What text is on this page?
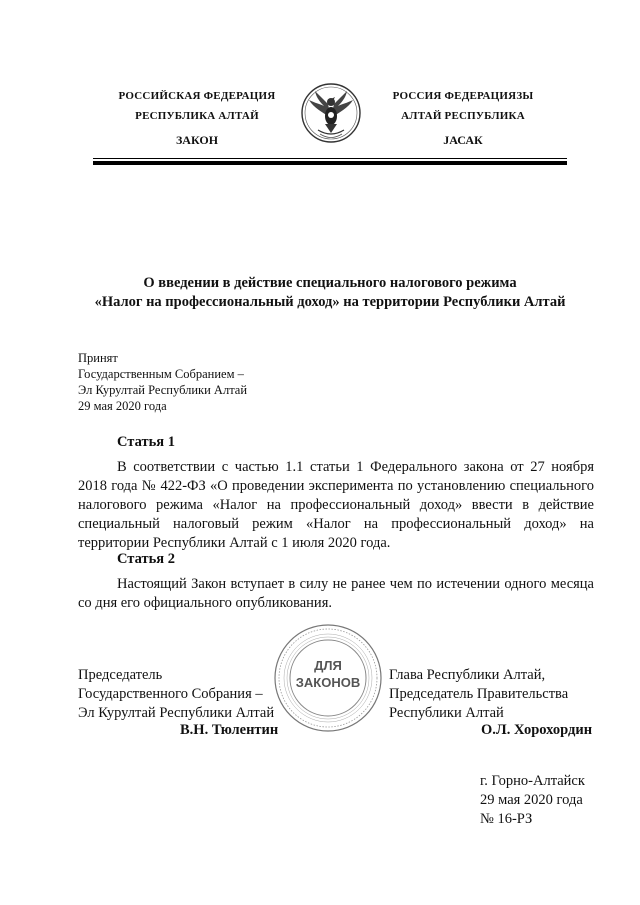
РОССИЙСКАЯ ФЕДЕРАЦИЯ
РЕСПУБЛИКА АЛТАЙ
ЗАКОН
РОССИЯ ФЕДЕРАЦИЯЗЫ
АЛТАЙ РЕСПУБЛИКА
JАСАК
О введении в действие специального налогового режима
«Налог на профессиональный доход» на территории Республики Алтай
Принят
Государственным Собранием –
Эл Курултай Республики Алтай
29 мая 2020 года
Статья 1
В соответствии с частью 1.1 статьи 1 Федерального закона от 27 ноября 2018 года № 422-ФЗ «О проведении эксперимента по установлению специального налогового режима «Налог на профессиональный доход» ввести в действие специальный налоговый режим «Налог на профессиональный доход» на территории Республики Алтай с 1 июля 2020 года.
Статья 2
Настоящий Закон вступает в силу не ранее чем по истечении одного месяца со дня его официального опубликования.
ДЛЯ
ЗАКОНОВ
Председатель
Государственного Собрания –
Эл Курултай Республики Алтай
В.Н. Тюлентин
Глава Республики Алтай,
Председатель Правительства
Республики Алтай
О.Л. Хорохордин
г. Горно-Алтайск
29 мая 2020 года
№ 16-РЗ
